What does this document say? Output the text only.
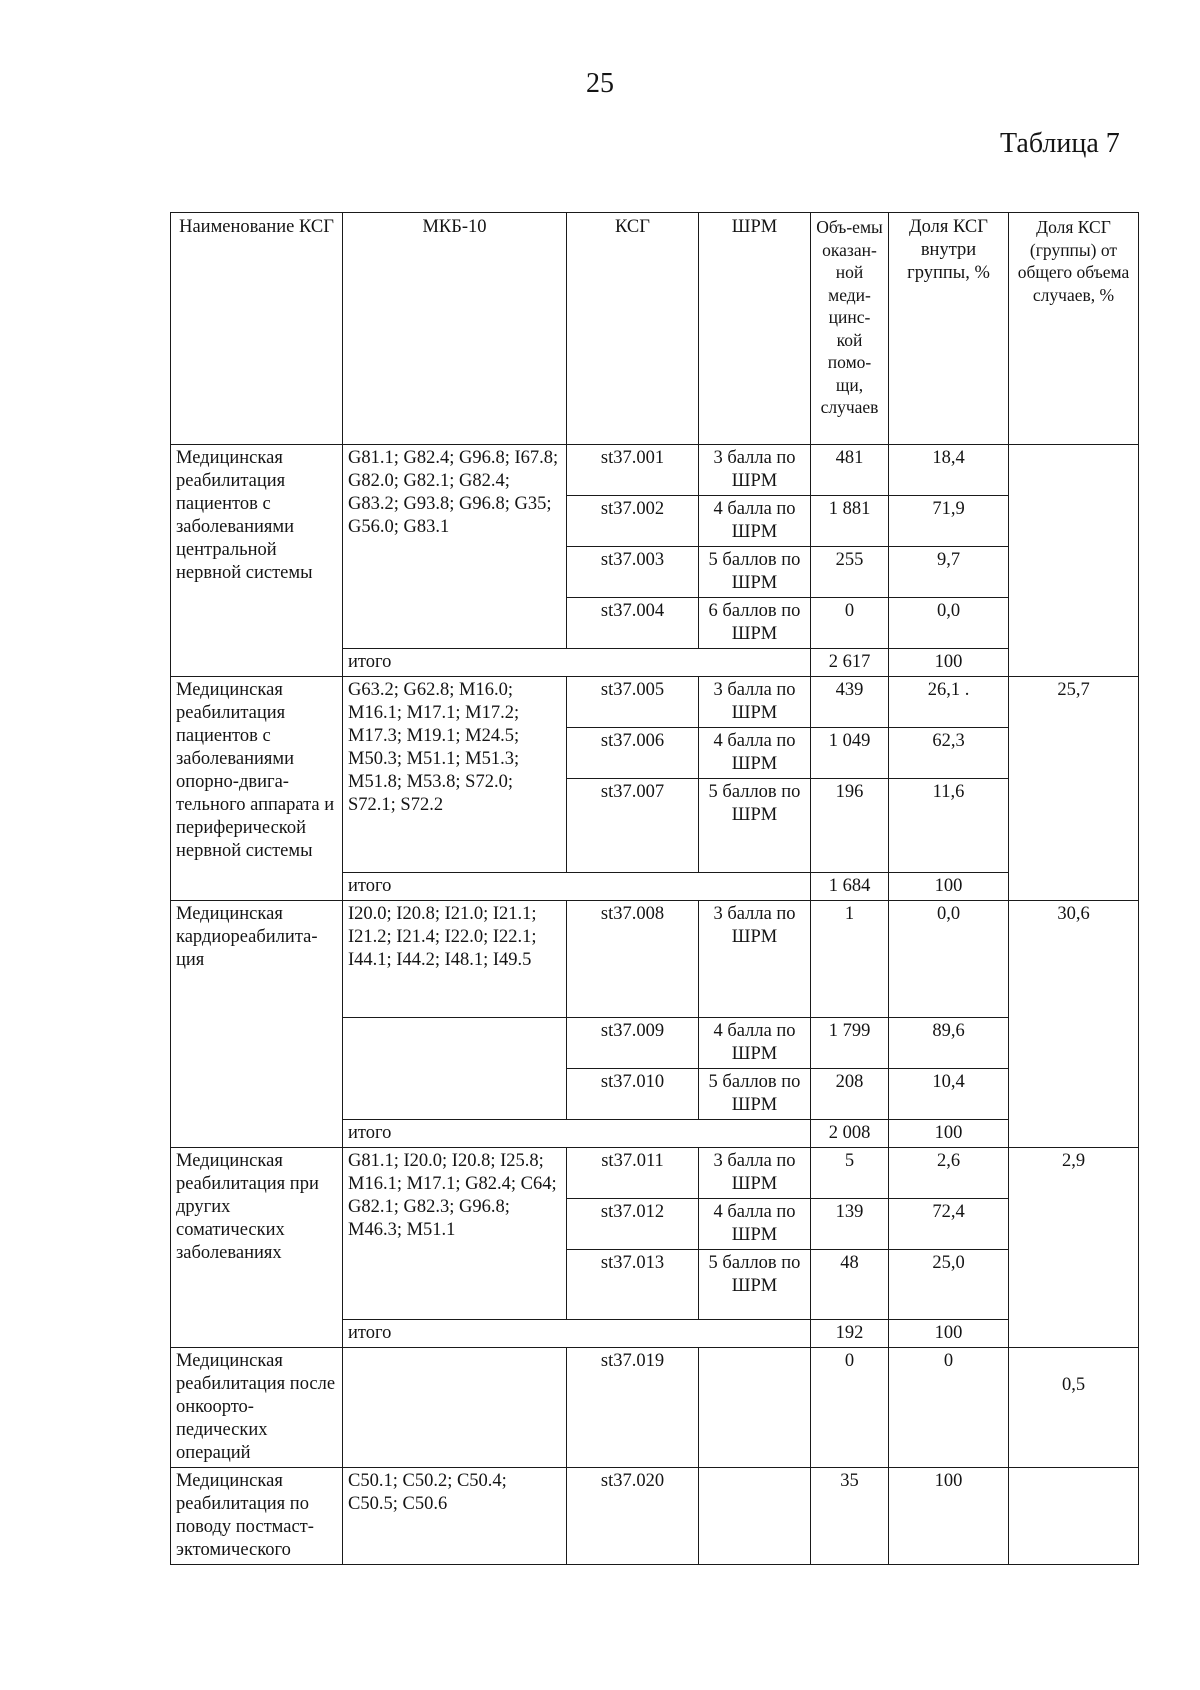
25
Таблица 7
Наименование КСГ	МКБ-10	КСГ	ШРМ	Объ-емы оказан-ной меди-цинс-кой помо-щи, случаев	Доля КСГ внутри группы, %	Доля КСГ (группы) от общего объема случаев, %
Медицинская реабилитация пациентов с заболеваниями центральной нервной системы	G81.1; G82.4; G96.8; I67.8; G82.0; G82.1; G82.4; G83.2; G93.8; G96.8; G35; G56.0; G83.1	st37.001	3 балла по ШРМ	481	18,4	
		st37.002	4 балла по ШРМ	1 881	71,9	
		st37.003	5 баллов по ШРМ	255	9,7	
		st37.004	6 баллов по ШРМ	0	0,0	
	итого			2 617	100	
Медицинская реабилитация пациентов с заболеваниями опорно-двига-тельного аппарата и периферической нервной системы	G63.2; G62.8; M16.0; M16.1; M17.1; M17.2; M17.3; M19.1; M24.5; M50.3; M51.1; M51.3; M51.8; M53.8; S72.0; S72.1; S72.2	st37.005	3 балла по ШРМ	439	26,1 .	25,7
		st37.006	4 балла по ШРМ	1 049	62,3	
		st37.007	5 баллов по ШРМ	196	11,6	
	итого			1 684	100	
Медицинская кардиореабилита-ция	I20.0; I20.8; I21.0; I21.1; I21.2; I21.4; I22.0; I22.1; I44.1; I44.2; I48.1; I49.5	st37.008	3 балла по ШРМ	1	0,0	30,6
		st37.009	4 балла по ШРМ	1 799	89,6	
		st37.010	5 баллов по ШРМ	208	10,4	
	итого			2 008	100	
Медицинская реабилитация при других соматических заболеваниях	G81.1; I20.0; I20.8; I25.8; M16.1; M17.1; G82.4; C64; G82.1; G82.3; G96.8; M46.3; M51.1	st37.011	3 балла по ШРМ	5	2,6	2,9
		st37.012	4 балла по ШРМ	139	72,4	
		st37.013	5 баллов по ШРМ	48	25,0	
	итого			192	100	
Медицинская реабилитация после онкоорто-педических операций		st37.019		0	0	0,5
Медицинская реабилитация по поводу постмаст-эктомического	C50.1; C50.2; C50.4; C50.5; C50.6	st37.020		35	100	
